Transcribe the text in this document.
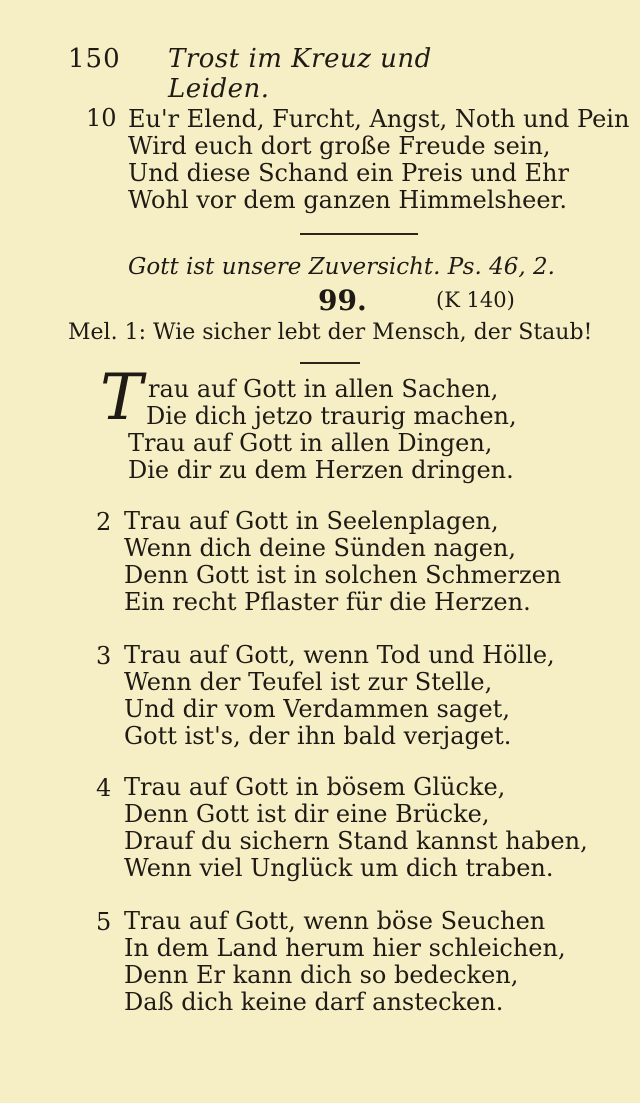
150 Trost im Kreuz und Leiden.
10 Eu'r Elend, Furcht, Angst, Noth und Pein
Wird euch dort große Freude sein,
Und diese Schand ein Preis und Ehr
Wohl vor dem ganzen Himmelsheer.
Gott ist unsere Zuversicht. Ps. 46, 2.
99.	(K 140)
Mel. 1: Wie sicher lebt der Mensch, der Staub!
T rau auf Gott in allen Sachen,
Die dich jetzo traurig machen,
Trau auf Gott in allen Dingen,
Die dir zu dem Herzen dringen.
2 Trau auf Gott in Seelenplagen,
Wenn dich deine Sünden nagen,
Denn Gott ist in solchen Schmerzen
Ein recht Pflaster für die Herzen.
3 Trau auf Gott, wenn Tod und Hölle,
Wenn der Teufel ist zur Stelle,
Und dir vom Verdammen saget,
Gott ist's, der ihn bald verjaget.
4 Trau auf Gott in bösem Glücke,
Denn Gott ist dir eine Brücke,
Drauf du sichern Stand kannst haben,
Wenn viel Unglück um dich traben.
5 Trau auf Gott, wenn böse Seuchen
In dem Land herum hier schleichen,
Denn Er kann dich so bedecken,
Daß dich keine darf anstecken.
